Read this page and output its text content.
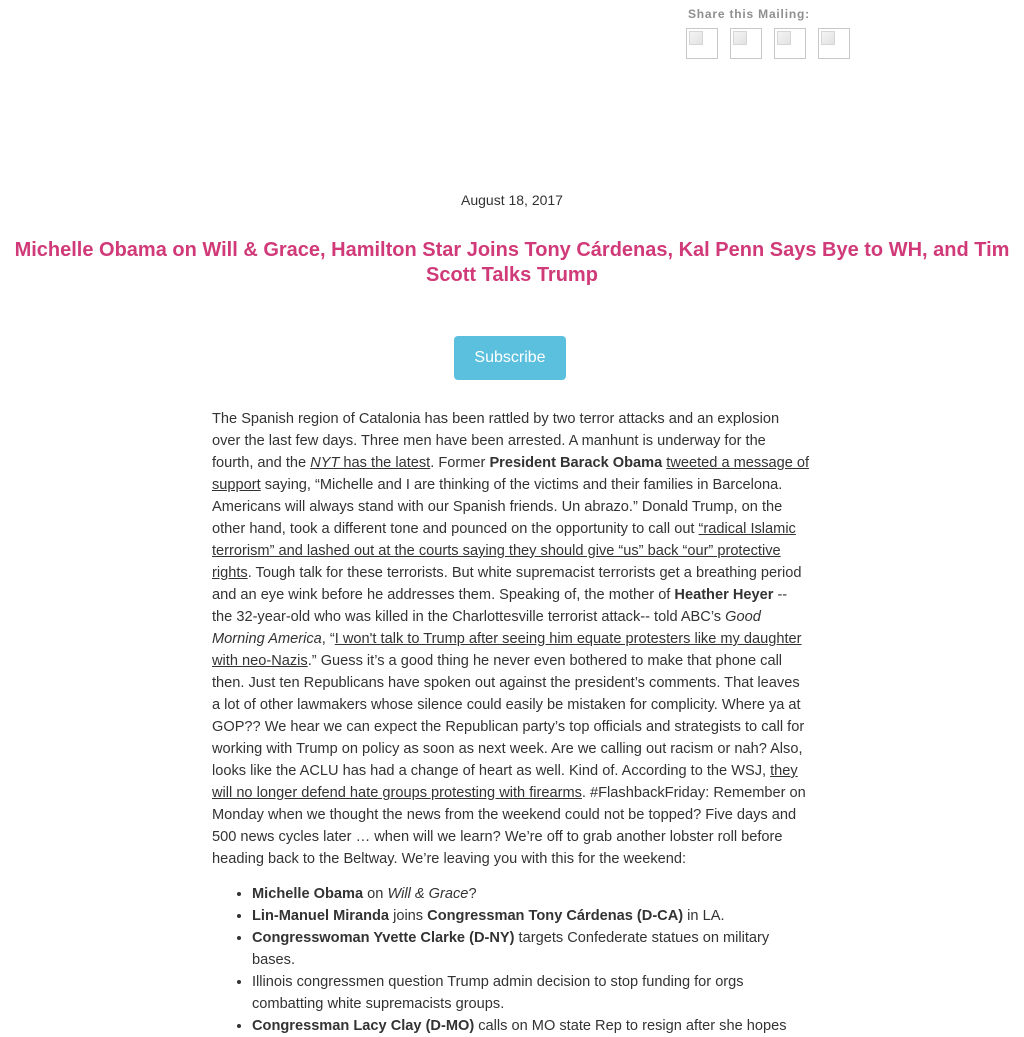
Share this Mailing:
August 18, 2017
Michelle Obama on Will & Grace, Hamilton Star Joins Tony Cárdenas, Kal Penn Says Bye to WH, and Tim Scott Talks Trump
Subscribe

The Spanish region of Catalonia has been rattled by two terror attacks and an explosion over the last few days. Three men have been arrested. A manhunt is underway for the fourth, and the NYT has the latest. Former President Barack Obama tweeted a message of support saying, “Michelle and I are thinking of the victims and their families in Barcelona. Americans will always stand with our Spanish friends. Un abrazo.” Donald Trump, on the other hand, took a different tone and pounced on the opportunity to call out “radical Islamic terrorism” and lashed out at the courts saying they should give “us” back “our” protective rights. Tough talk for these terrorists. But white supremacist terrorists get a breathing period and an eye wink before he addresses them. Speaking of, the mother of Heather Heyer -- the 32-year-old who was killed in the Charlottesville terrorist attack-- told ABC’s Good Morning America, “I won't talk to Trump after seeing him equate protesters like my daughter with neo-Nazis.” Guess it’s a good thing he never even bothered to make that phone call then. Just ten Republicans have spoken out against the president’s comments. That leaves a lot of other lawmakers whose silence could easily be mistaken for complicity. Where ya at GOP?? We hear we can expect the Republican party’s top officials and strategists to call for working with Trump on policy as soon as next week. Are we calling out racism or nah? Also, looks like the ACLU has had a change of heart as well. Kind of. According to the WSJ, they will no longer defend hate groups protesting with firearms. #FlashbackFriday: Remember on Monday when we thought the news from the weekend could not be topped? Five days and 500 news cycles later … when will we learn? We’re off to grab another lobster roll before heading back to the Beltway. We’re leaving you with this for the weekend:

• Michelle Obama on Will & Grace?
• Lin-Manuel Miranda joins Congressman Tony Cárdenas (D-CA) in LA.
• Congresswoman Yvette Clarke (D-NY) targets Confederate statues on military bases.
• Illinois congressmen question Trump admin decision to stop funding for orgs combatting white supremacists groups.
• Congressman Lacy Clay (D-MO) calls on MO state Rep to resign after she hopes
